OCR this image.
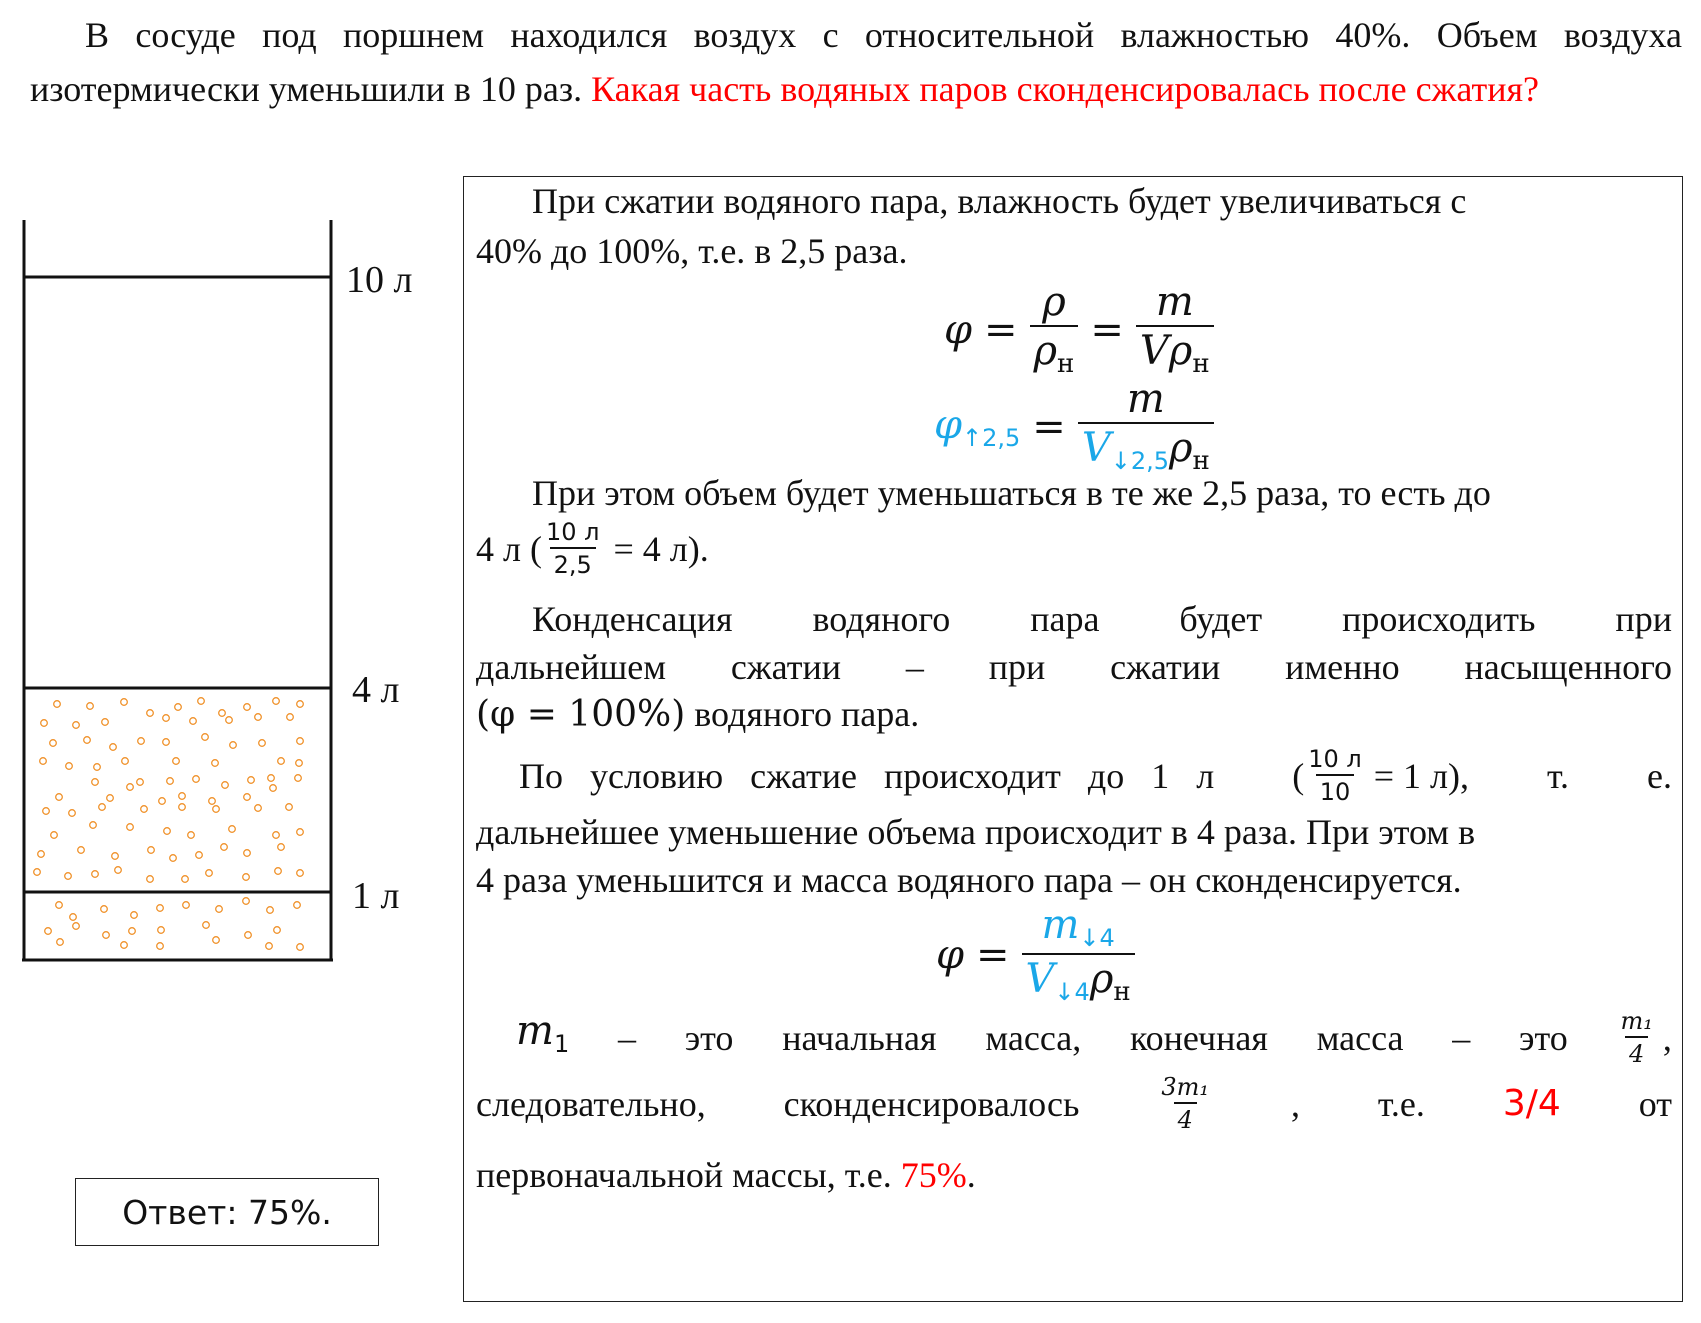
В сосуде под поршнем находился воздух с относительной влажностью 40%. Объем воздуха изотермически уменьшили в 10 раз. Какая часть водяных паров сконденсировалась после сжатия?
10 л
4 л
1 л
При сжатии водяного пара, влажность будет увеличиваться с
40% до 100%, т.е. в 2,5 раза.
$\varphi = \frac{\rho}{\rho_н} = \frac{m}{V\rho_н}$
$\varphi_{↑2,5} = \frac{m}{V_{↓2,5}\rho_н}$
При этом объем будет уменьшаться в те же 2,5 раза, то есть до
4 л ( $\frac{10 л}{2,5} = 4$ л).
Конденсация водяного пара будет происходить при
дальнейшем сжатии – при сжатии именно насыщенного
(φ = 100%) водяного пара.
По условию сжатие происходит до 1 л ( $\frac{10 л}{10} = 1$ л), т. е.
дальнейшее уменьшение объема происходит в 4 раза. При этом в
4 раза уменьшится и масса водяного пара – он сконденсируется.
$\varphi = \frac{m_{↓4}}{V_{↓4}\rho_н}$
$m_1$ – это начальная масса, конечная масса – это $\frac{\text{m₁}}{4}$ ,
следовательно, сконденсировалось	$\frac{\text{3m₁}}{4}$ , т.е. 3/4 от
первоначальной массы, т.е. 75%.
Ответ: 75%.
